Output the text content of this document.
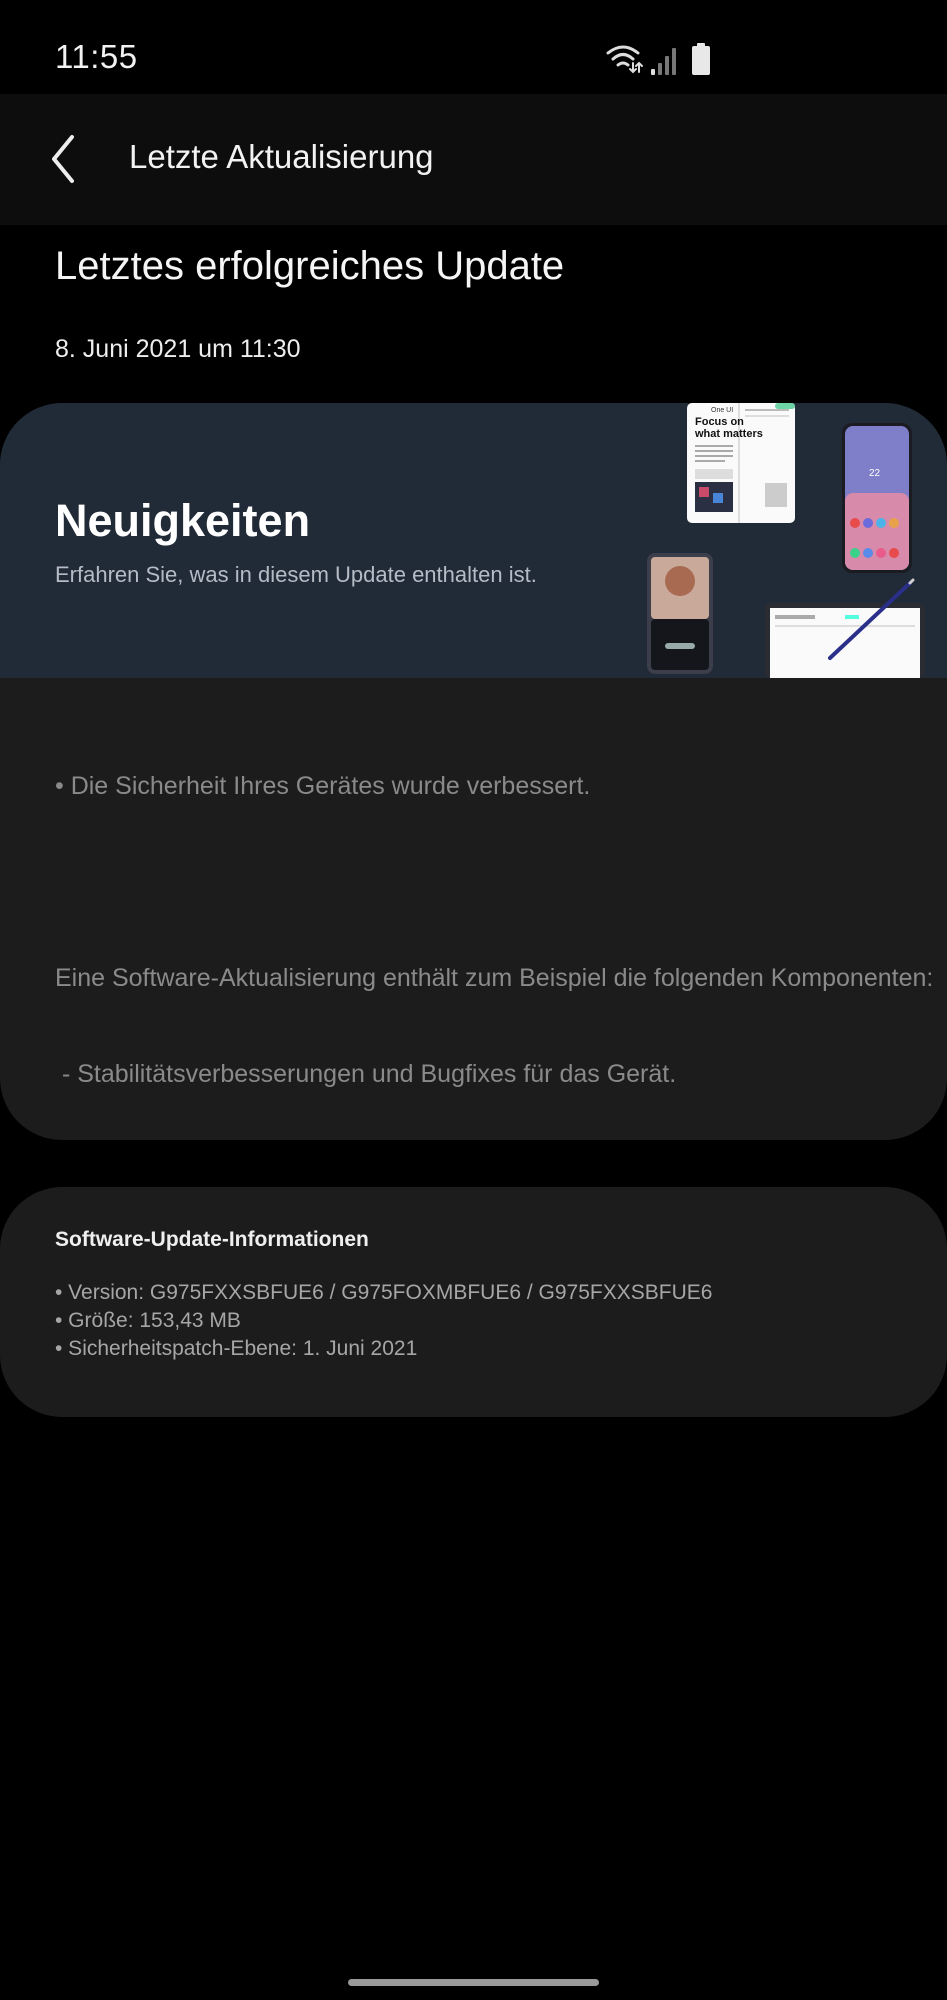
11:55
Letzte Aktualisierung
Letztes erfolgreiches Update
8. Juni 2021 um 11:30
Neuigkeiten
Erfahren Sie, was in diesem Update enthalten ist.
One UI
Focus on
what matters
22

• Die Sicherheit Ihres Gerätes wurde verbessert.

Eine Software-Aktualisierung enthält zum Beispiel die folgenden Komponenten:

- Stabilitätsverbesserungen und Bugfixes für das Gerät.

Software-Update-Informationen
• Version: G975FXXSBFUE6 / G975FOXMBFUE6 / G975FXXSBFUE6
• Größe: 153,43 MB
• Sicherheitspatch-Ebene: 1. Juni 2021
